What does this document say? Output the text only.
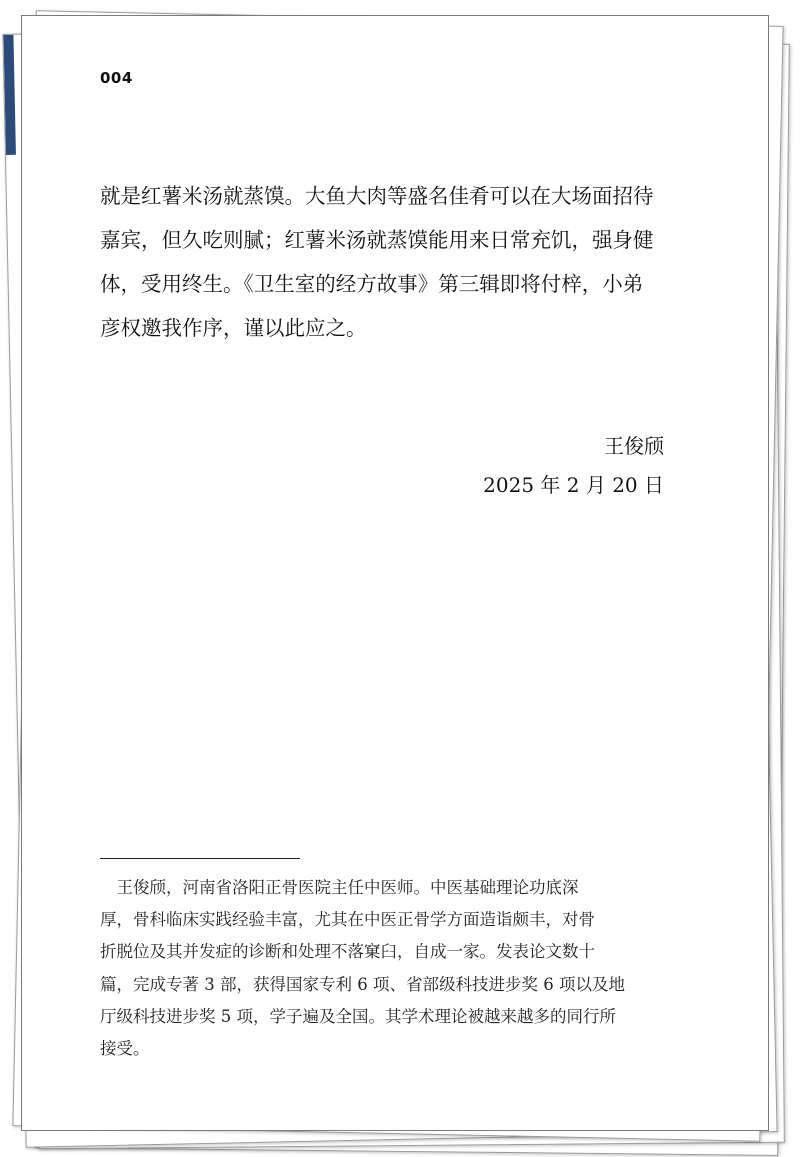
004

就是红薯米汤就蒸馍。大鱼大肉等盛名佳肴可以在大场面招待

嘉宾，但久吃则腻；红薯米汤就蒸馍能用来日常充饥，强身健

体，受用终生。《卫生室的经方故事》第三辑即将付梓，小弟

彦权邀我作序，谨以此应之。

王俊颀
2025 年 2 月 20 日

　王俊颀，河南省洛阳正骨医院主任中医师。中医基础理论功底深

厚，骨科临床实践经验丰富，尤其在中医正骨学方面造诣颇丰，对骨

折脱位及其并发症的诊断和处理不落窠臼，自成一家。发表论文数十

篇，完成专著 3 部，获得国家专利 6 项、省部级科技进步奖 6 项以及地

厅级科技进步奖 5 项，学子遍及全国。其学术理论被越来越多的同行所

接受。
